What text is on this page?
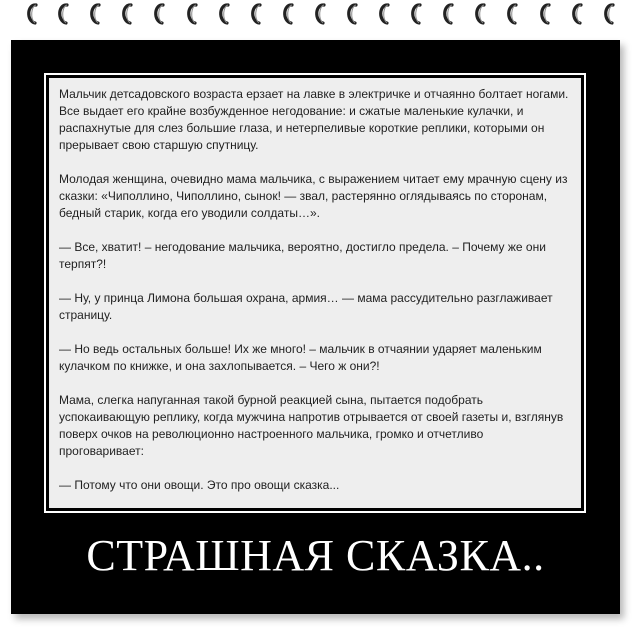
Мальчик детсадовского возраста ерзает на лавке в электричке и отчаянно болтает ногами. Все выдает его крайне возбужденное негодование: и сжатые маленькие кулачки, и распахнутые для слез большие глаза, и нетерпеливые короткие реплики, которыми он прерывает свою старшую спутницу.

Молодая женщина, очевидно мама мальчика, с выражением читает ему мрачную сцену из сказки: «Чиполлино, Чиполлино, сынок! — звал, растерянно оглядываясь по сторонам, бедный старик, когда его уводили солдаты…».

— Все, хватит! – негодование мальчика, вероятно, достигло предела. – Почему же они терпят?!

— Ну, у принца Лимона большая охрана, армия… — мама рассудительно разглаживает страницу.

— Но ведь остальных больше! Их же много! – мальчик в отчаянии ударяет маленьким кулачком по книжке, и она захлопывается. – Чего ж они?!

Мама, слегка напуганная такой бурной реакцией сына, пытается подобрать успокаивающую реплику, когда мужчина напротив отрывается от своей газеты и, взглянув поверх очков на революционно настроенного мальчика, громко и отчетливо проговаривает:

— Потому что они овощи. Это про овощи сказка...

СТРАШНАЯ СКАЗКА..
